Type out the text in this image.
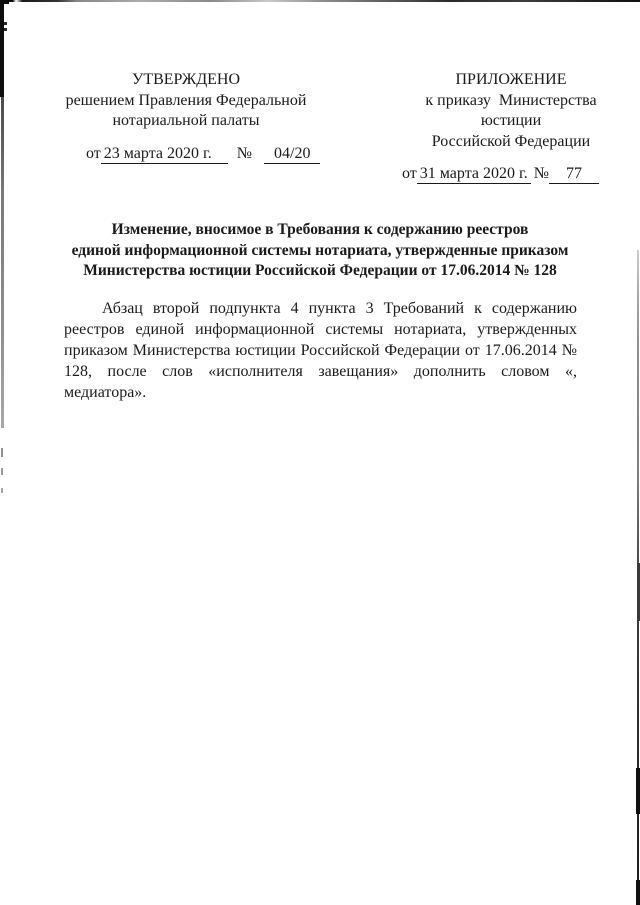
УТВЕРЖДЕНО
решением Правления Федеральной
нотариальной палаты
от 23 марта 2020 г. № 04/20
ПРИЛОЖЕНИЕ
к приказу  Министерства юстиции
Российской Федерации
от 31 марта 2020 г. № 77
Изменение, вносимое в Требования к содержанию реестров
единой информационной системы нотариата, утвержденные приказом
Министерства юстиции Российской Федерации от 17.06.2014 № 128

Абзац второй подпункта 4 пункта 3 Требований к содержанию реестров единой информационной системы нотариата, утвержденных приказом Министерства юстиции Российской Федерации от 17.06.2014 № 128, после слов «исполнителя завещания» дополнить словом «, медиатора».
